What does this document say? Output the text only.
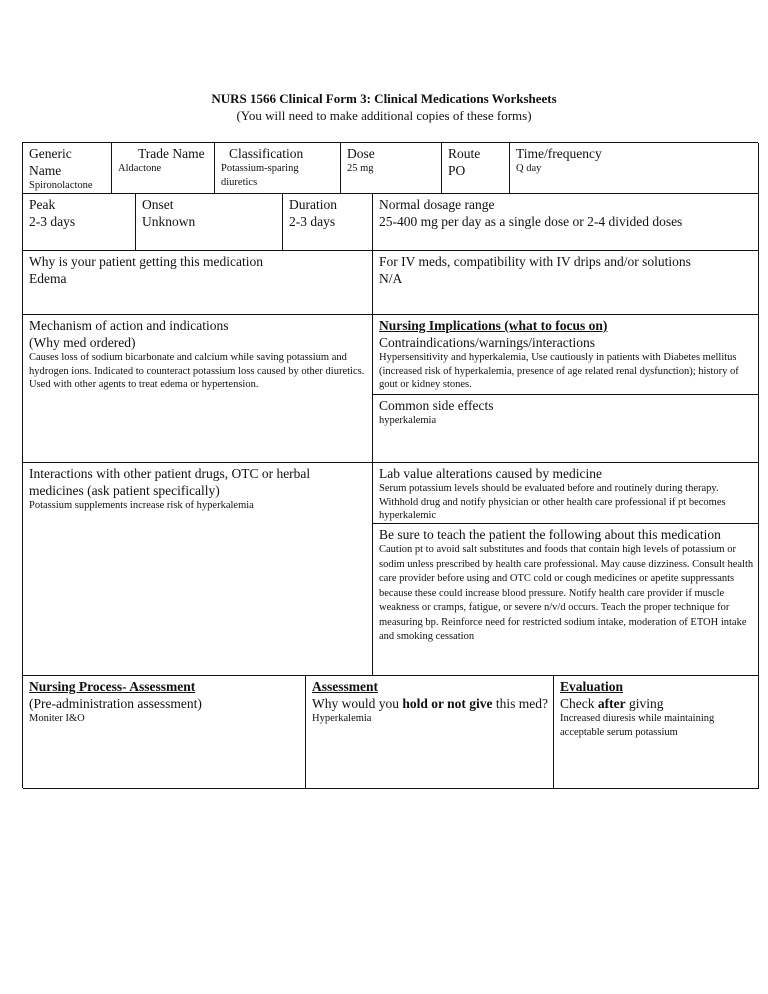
NURS 1566 Clinical Form 3: Clinical Medications Worksheets
(You will need to make additional copies of these forms)
Generic
Name
Spironolactone
Trade Name
Aldactone
Classification
Potassium-sparing diuretics
Dose
25 mg
Route
PO
Time/frequency
Q day
Peak
2-3 days
Onset
Unknown
Duration
2-3 days
Normal dosage range
25-400 mg per day as a single dose or 2-4 divided doses
Why is your patient getting this medication
Edema
For IV meds, compatibility with IV drips and/or solutions
N/A
Mechanism of action and indications
(Why med ordered)
Causes loss of sodium bicarbonate and calcium while saving potassium and hydrogen ions. Indicated to counteract potassium loss caused by other diuretics. Used with other agents to treat edema or hypertension.
Nursing Implications (what to focus on)
Contraindications/warnings/interactions
Hypersensitivity and hyperkalemia, Use cautiously in patients with Diabetes mellitus (increased risk of hyperkalemia, presence of age related renal dysfunction); history of gout or kidney stones.
Common side effects
hyperkalemia
Interactions with other patient drugs, OTC or herbal medicines (ask patient specifically)
Potassium supplements increase risk of hyperkalemia
Lab value alterations caused by medicine
Serum potassium levels should be evaluated before and routinely during therapy. Withhold drug and notify physician or other health care professional if pt becomes hyperkalemic
Be sure to teach the patient the following about this medication
Caution pt to avoid salt substitutes and foods that contain high levels of potassium or sodim unless prescribed by health care professional. May cause dizziness. Consult health care provider before using and OTC cold or cough medicines or apetite suppressants because these could increase blood pressure. Notify health care provider if muscle weakness or cramps, fatigue, or severe n/v/d occurs. Teach the proper technique for measuring bp. Reinforce need for restricted sodium intake, moderation of ETOH intake and smoking cessation
Nursing Process- Assessment
(Pre-administration assessment)
Moniter I&O
Assessment
Why would you hold or not give this med?
Hyperkalemia
Evaluation
Check after giving
Increased diuresis while maintaining acceptable serum potassium
